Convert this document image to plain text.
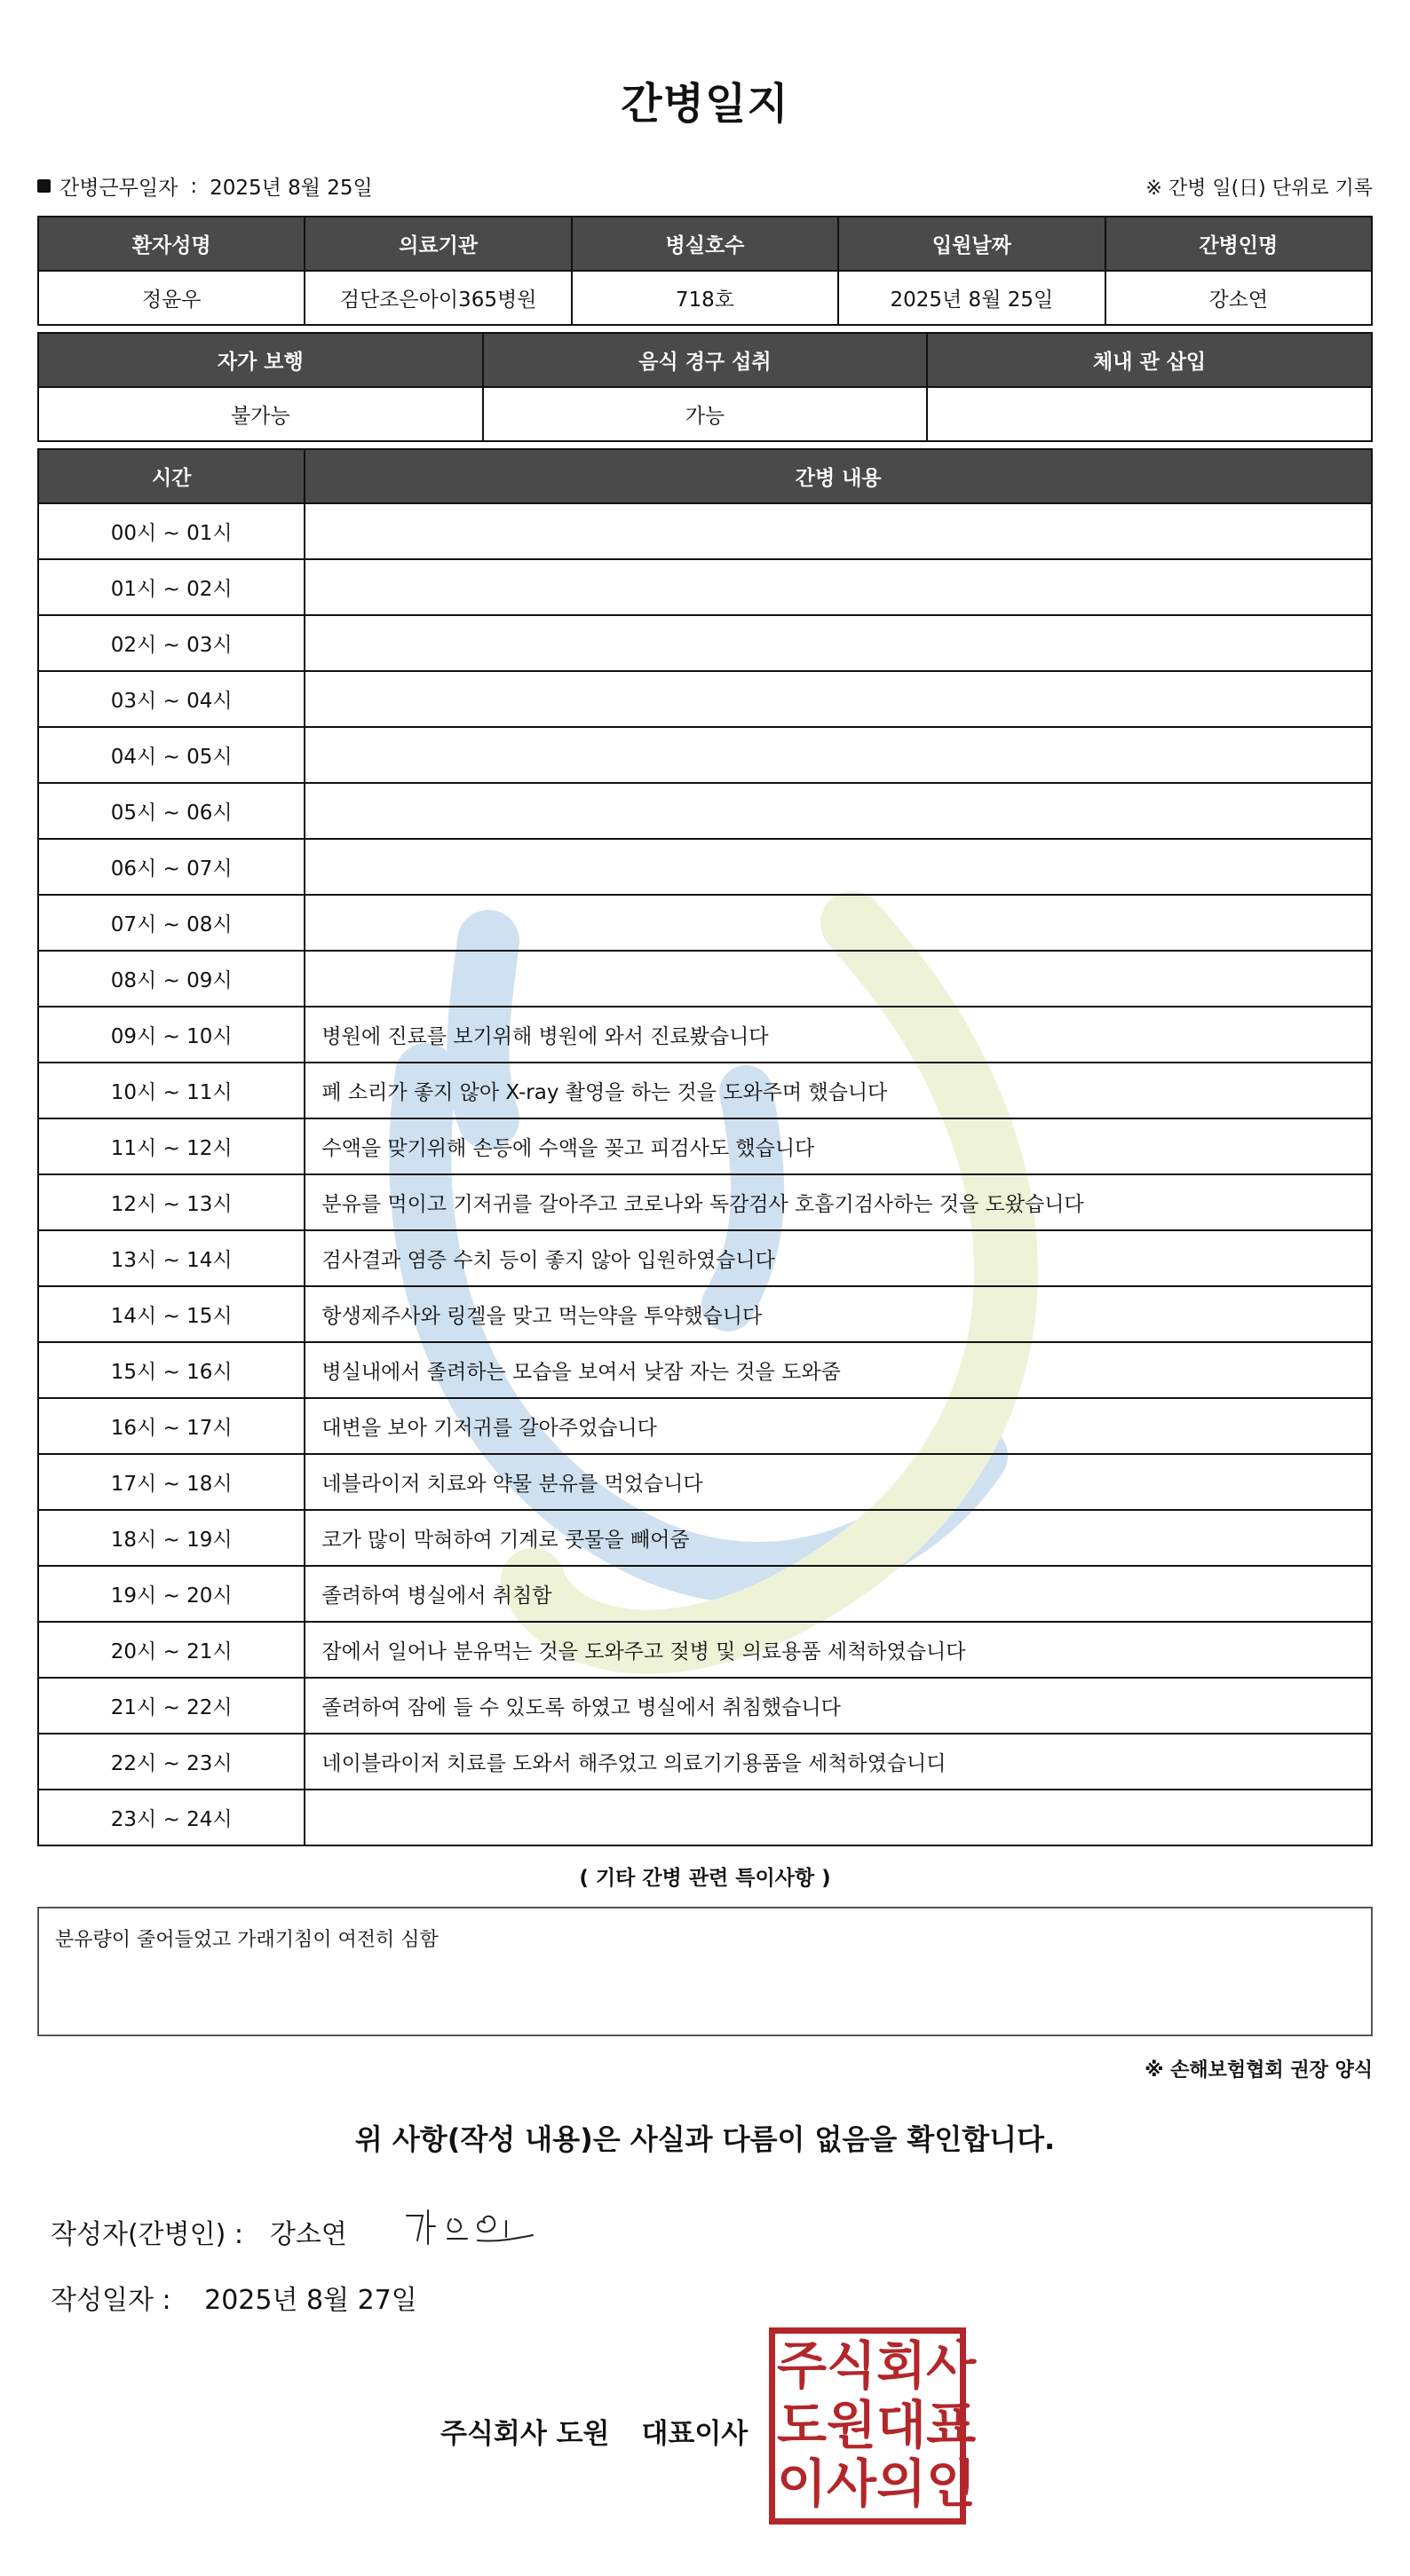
간병일지
간병근무일자 : 2025년 8월 25일	※ 간병 일(日) 단위로 기록
환자성명	의료기관	병실호수	입원날짜	간병인명
정윤우	검단조은아이365병원	718호	2025년 8월 25일	강소연
자가 보행	음식 경구 섭취	체내 관 삽입
불가능	가능	
시간	간병 내용
00시 ~ 01시	
01시 ~ 02시	
02시 ~ 03시	
03시 ~ 04시	
04시 ~ 05시	
05시 ~ 06시	
06시 ~ 07시	
07시 ~ 08시	
08시 ~ 09시	
09시 ~ 10시	병원에 진료를 보기위해 병원에 와서 진료봤습니다
10시 ~ 11시	폐 소리가 좋지 않아 X-ray 촬영을 하는 것을 도와주며 했습니다
11시 ~ 12시	수액을 맞기위해 손등에 수액을 꽂고 피검사도 했습니다
12시 ~ 13시	분유를 먹이고 기저귀를 갈아주고 코로나와 독감검사 호흡기검사하는 것을 도왔습니다
13시 ~ 14시	검사결과 염증 수치 등이 좋지 않아 입원하였습니다
14시 ~ 15시	항생제주사와 링겔을 맞고 먹는약을 투약했습니다
15시 ~ 16시	병실내에서 졸려하는 모습을 보여서 낮잠 자는 것을 도와줌
16시 ~ 17시	대변을 보아 기저귀를 갈아주었습니다
17시 ~ 18시	네블라이저 치료와 약물 분유를 먹었습니다
18시 ~ 19시	코가 많이 막혀하여 기계로 콧물을 빼어줌
19시 ~ 20시	졸려하여 병실에서 취침함
20시 ~ 21시	잠에서 일어나 분유먹는 것을 도와주고 젖병 및 의료용품 세척하였습니다
21시 ~ 22시	졸려하여 잠에 들 수 있도록 하였고 병실에서 취침했습니다
22시 ~ 23시	네이블라이저 치료를 도와서 해주었고 의료기기용품을 세척하였습니디
23시 ~ 24시	
( 기타 간병 관련 특이사항 )
분유량이 줄어들었고 가래기침이 여전히 심함
※ 손해보험협회 권장 양식
위 사항(작성 내용)은 사실과 다름이 없음을 확인합니다.
작성자(간병인) : 강소연
작성일자 : 2025년 8월 27일
주식회사 도원 대표이사
주 식 회 사
도 원 대 표
이 사 의 인
